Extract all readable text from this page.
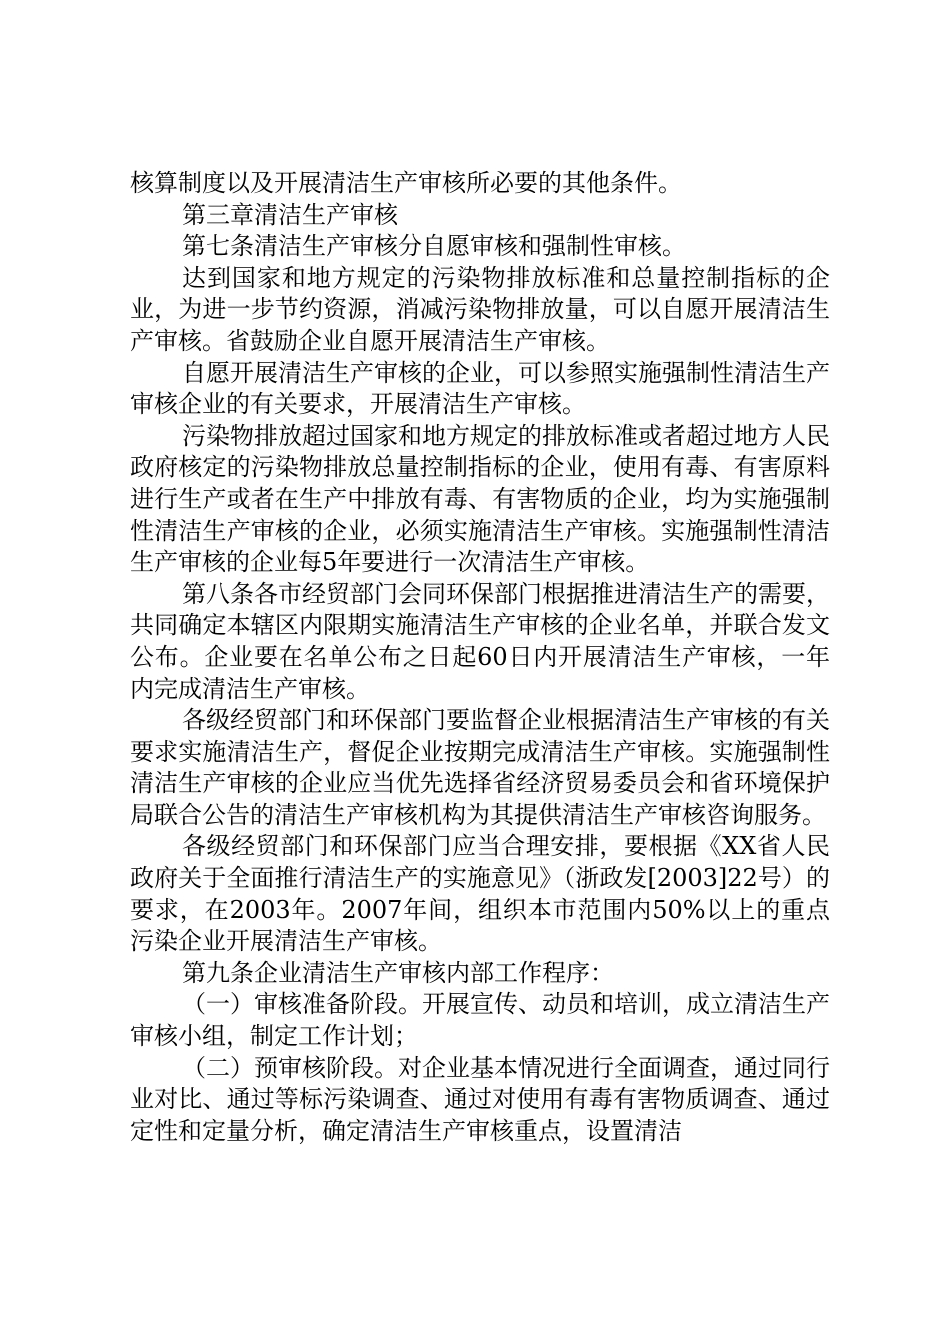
核算制度以及开展清洁生产审核所必要的其他条件。

第三章清洁生产审核

第七条清洁生产审核分自愿审核和强制性审核。

达到国家和地方规定的污染物排放标准和总量控制指标的企业，为进一步节约资源，消减污染物排放量，可以自愿开展清洁生产审核。省鼓励企业自愿开展清洁生产审核。

自愿开展清洁生产审核的企业，可以参照实施强制性清洁生产审核企业的有关要求，开展清洁生产审核。

污染物排放超过国家和地方规定的排放标准或者超过地方人民政府核定的污染物排放总量控制指标的企业，使用有毒、有害原料进行生产或者在生产中排放有毒、有害物质的企业，均为实施强制性清洁生产审核的企业，必须实施清洁生产审核。实施强制性清洁生产审核的企业每5年要进行一次清洁生产审核。

第八条各市经贸部门会同环保部门根据推进清洁生产的需要，共同确定本辖区内限期实施清洁生产审核的企业名单，并联合发文公布。企业要在名单公布之日起60日内开展清洁生产审核，一年内完成清洁生产审核。

各级经贸部门和环保部门要监督企业根据清洁生产审核的有关要求实施清洁生产，督促企业按期完成清洁生产审核。实施强制性清洁生产审核的企业应当优先选择省经济贸易委员会和省环境保护局联合公告的清洁生产审核机构为其提供清洁生产审核咨询服务。

各级经贸部门和环保部门应当合理安排，要根据《XX省人民政府关于全面推行清洁生产的实施意见》（浙政发[2003]22号）的要求，在2003年。2007年间，组织本市范围内50%以上的重点污染企业开展清洁生产审核。

第九条企业清洁生产审核内部工作程序：

（一）审核准备阶段。开展宣传、动员和培训，成立清洁生产审核小组，制定工作计划；

（二）预审核阶段。对企业基本情况进行全面调查，通过同行业对比、通过等标污染调查、通过对使用有毒有害物质调查、通过定性和定量分析，确定清洁生产审核重点，设置清洁
